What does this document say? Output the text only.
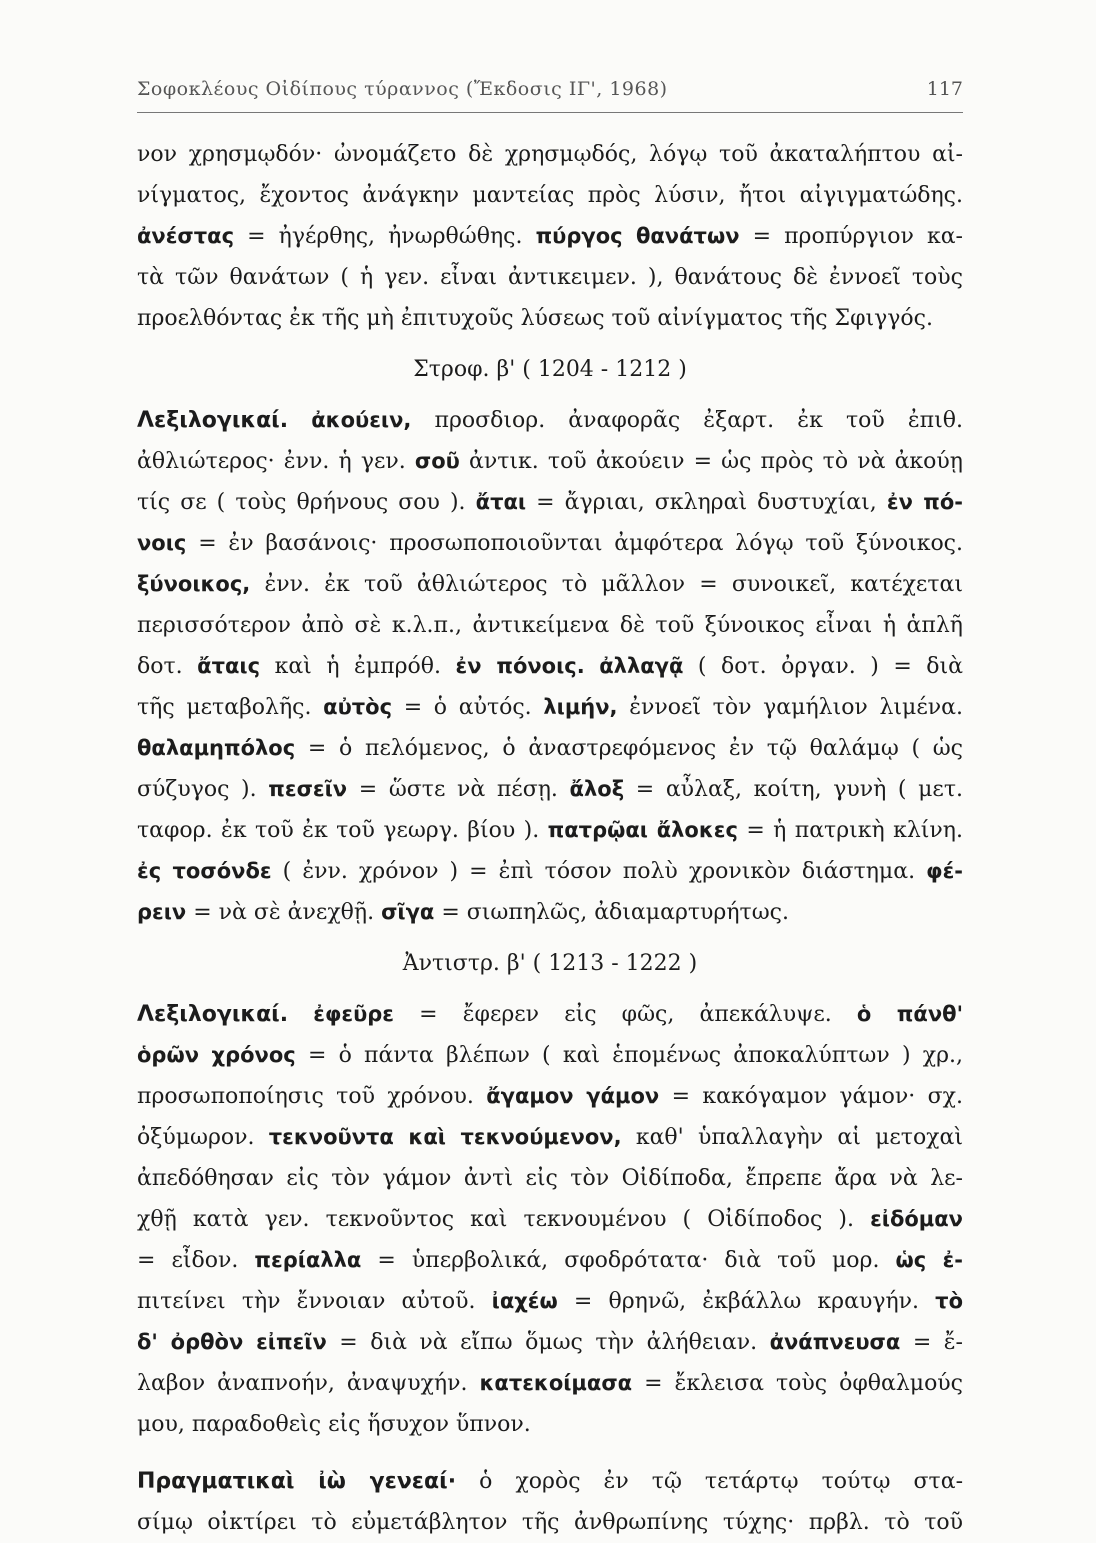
Σοφοκλέους Οἰδίπους τύραννος (Ἔκδοσις ΙΓ', 1968)	117
νον χρησμῳδόν· ὠνομάζετο δὲ χρησμῳδός, λόγῳ τοῦ ἀκαταλήπτου αἰ-
νίγματος, ἔχοντος ἀνάγκην μαντείας πρὸς λύσιν, ἤτοι αἰγιγματώδης.
ἀνέστας = ἠγέρθης, ἠνωρθώθης. πύργος θανάτων = προπύργιον κα-
τὰ τῶν θανάτων ( ἡ γεν. εἶναι ἀντικειμεν. ), θανάτους δὲ ἐννοεῖ τοὺς
προελθόντας ἐκ τῆς μὴ ἐπιτυχοῦς λύσεως τοῦ αἰνίγματος τῆς Σφιγγός.
Στροφ. β' ( 1204 - 1212 )
Λεξιλογικαί. ἀκούειν, προσδιορ. ἀναφορᾶς ἐξαρτ. ἐκ τοῦ ἐπιθ.
ἀθλιώτερος· ἐνν. ἡ γεν. σοῦ ἀντικ. τοῦ ἀκούειν = ὡς πρὸς τὸ νὰ ἀκούῃ
τίς σε ( τοὺς θρήνους σου ). ἄται = ἄγριαι, σκληραὶ δυστυχίαι, ἐν πό-
νοις = ἐν βασάνοις· προσωποποιοῦνται ἀμφότερα λόγῳ τοῦ ξύνοικος.
ξύνοικος, ἐνν. ἐκ τοῦ ἀθλιώτερος τὸ μᾶλλον = συνοικεῖ, κατέχεται
περισσότερον ἀπὸ σὲ κ.λ.π., ἀντικείμενα δὲ τοῦ ξύνοικος εἶναι ἡ ἁπλῆ
δοτ. ἄταις καὶ ἡ ἐμπρόθ. ἐν πόνοις. ἀλλαγᾷ ( δοτ. ὀργαν. ) = διὰ
τῆς μεταβολῆς. αὐτὸς = ὁ αὐτός. λιμήν, ἐννοεῖ τὸν γαμήλιον λιμένα.
θαλαμηπόλος = ὁ πελόμενος, ὁ ἀναστρεφόμενος ἐν τῷ θαλάμῳ ( ὡς
σύζυγος ). πεσεῖν = ὥστε νὰ πέσῃ. ἄλοξ = αὖλαξ, κοίτη, γυνὴ ( μετ.
ταφορ. ἐκ τοῦ ἐκ τοῦ γεωργ. βίου ). πατρῷαι ἄλοκες = ἡ πατρικὴ κλίνη.
ἐς τοσόνδε ( ἐνν. χρόνον ) = ἐπὶ τόσον πολὺ χρονικὸν διάστημα. φέ-
ρειν = νὰ σὲ ἀνεχθῇ. σῖγα = σιωπηλῶς, ἀδιαμαρτυρήτως.
Ἀντιστρ. β' ( 1213 - 1222 )
Λεξιλογικαί. ἐφεῦρε = ἔφερεν εἰς φῶς, ἀπεκάλυψε. ὁ πάνθ'
ὁρῶν χρόνος = ὁ πάντα βλέπων ( καὶ ἑπομένως ἀποκαλύπτων ) χρ.,
προσωποποίησις τοῦ χρόνου. ἄγαμον γάμον = κακόγαμον γάμον· σχ.
ὀξύμωρον. τεκνοῦντα καὶ τεκνούμενον, καθ' ὑπαλλαγὴν αἱ μετοχαὶ
ἀπεδόθησαν εἰς τὸν γάμον ἀντὶ εἰς τὸν Οἰδίποδα, ἔπρεπε ἄρα νὰ λε-
χθῇ κατὰ γεν. τεκνοῦντος καὶ τεκνουμένου ( Οἰδίποδος ). εἰδόμαν
= εἶδον. περίαλλα = ὑπερβολικά, σφοδρότατα· διὰ τοῦ μορ. ὡς ἐ-
πιτείνει τὴν ἔννοιαν αὐτοῦ. ἰαχέω = θρηνῶ, ἐκβάλλω κραυγήν. τὸ
δ' ὀρθὸν εἰπεῖν = διὰ νὰ εἴπω ὅμως τὴν ἀλήθειαν. ἀνάπνευσα = ἔ-
λαβον ἀναπνοήν, ἀναψυχήν. κατεκοίμασα = ἔκλεισα τοὺς ὀφθαλμούς
μου, παραδοθεὶς εἰς ἥσυχον ὕπνον.
Πραγματικαὶ ἰὼ γενεαί· ὁ χορὸς ἐν τῷ τετάρτῳ τούτῳ στα-
σίμῳ οἰκτίρει τὸ εὐμετάβλητον τῆς ἀνθρωπίνης τύχης· πρβλ. τὸ τοῦ
